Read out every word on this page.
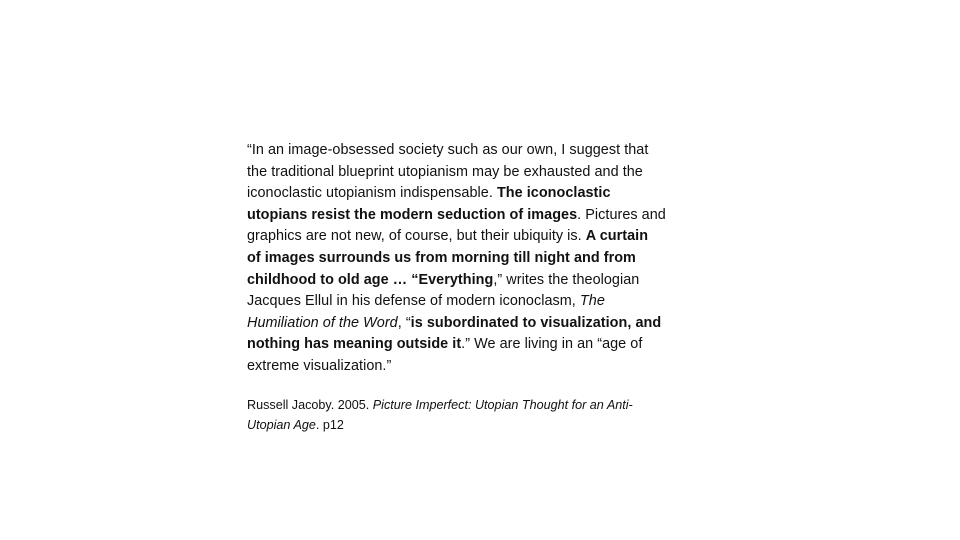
“In an image-obsessed society such as our own, I suggest that
the traditional blueprint utopianism may be exhausted and the
iconoclastic utopianism indispensable. The iconoclastic
utopians resist the modern seduction of images. Pictures and
graphics are not new, of course, but their ubiquity is. A curtain
of images surrounds us from morning till night and from
childhood to old age … “Everything,” writes the theologian
Jacques Ellul in his defense of modern iconoclasm, The
Humiliation of the Word, “is subordinated to visualization, and
nothing has meaning outside it.” We are living in an “age of
extreme visualization.”
Russell Jacoby. 2005. Picture Imperfect: Utopian Thought for an Anti-
Utopian Age. p12
